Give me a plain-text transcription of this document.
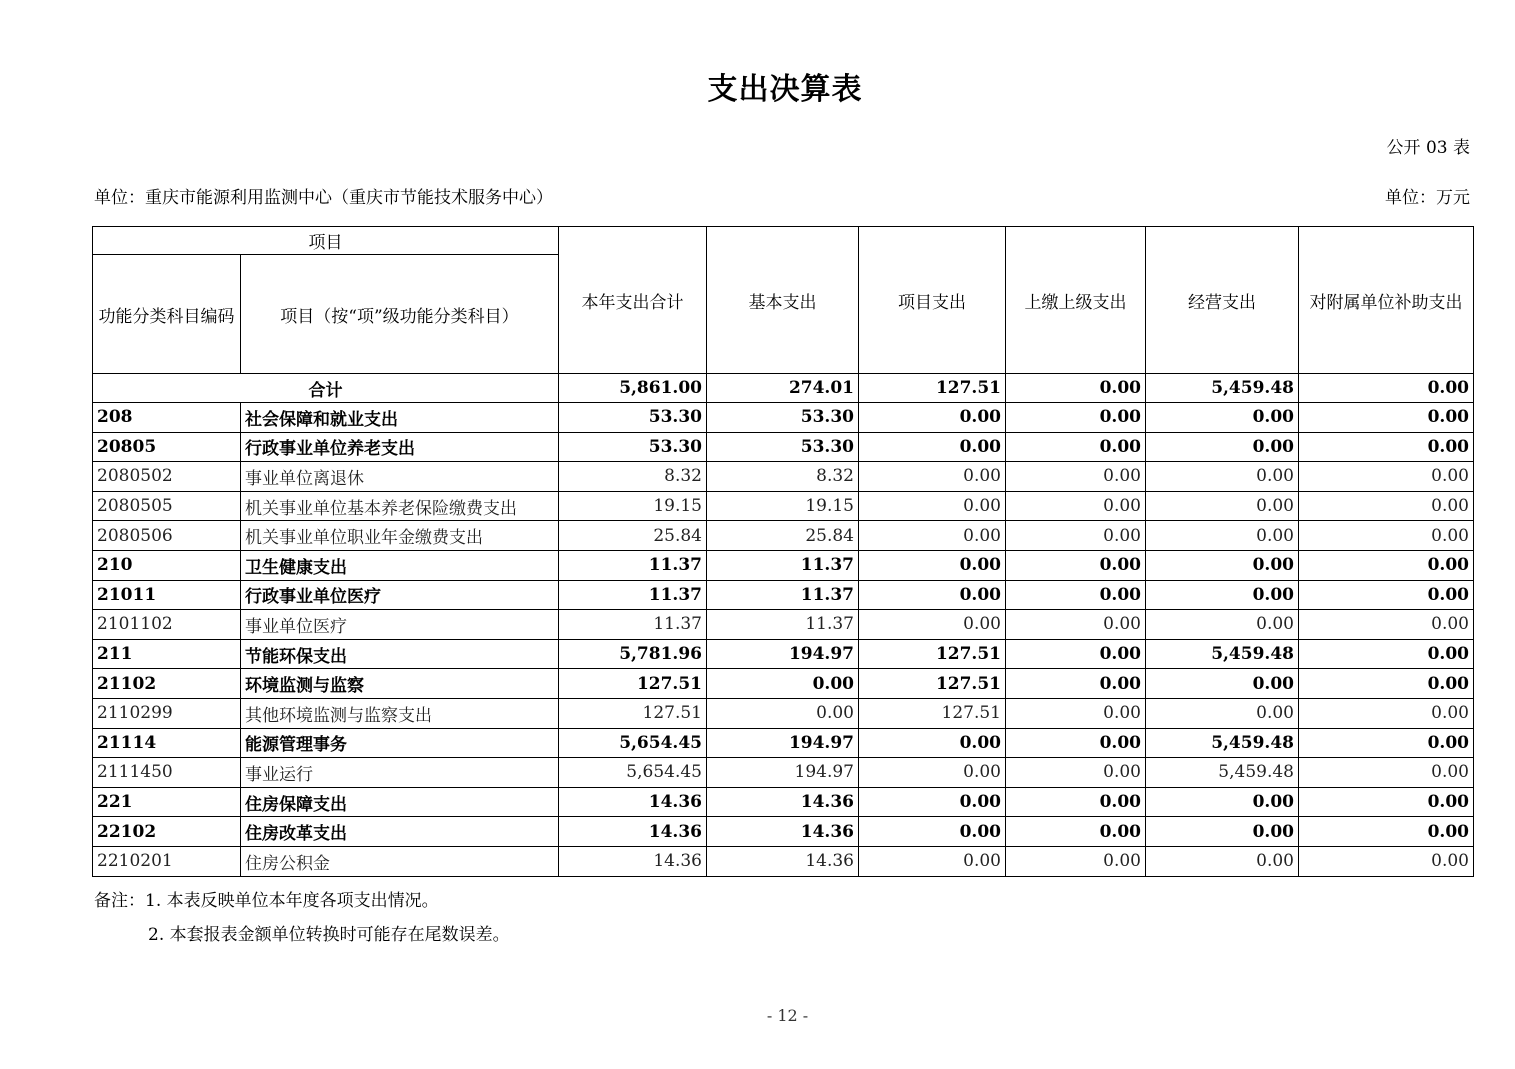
支出决算表
公开 03 表
单位：重庆市能源利用监测中心（重庆市节能技术服务中心）	单位：万元
项目		本年支出合计	基本支出	项目支出	上缴上级支出	经营支出	对附属单位补助支出
功能分类科目编码	项目（按“项”级功能分类科目）						
合计		5,861.00	274.01	127.51	0.00	5,459.48	0.00
208	社会保障和就业支出	53.30	53.30	0.00	0.00	0.00	0.00
20805	行政事业单位养老支出	53.30	53.30	0.00	0.00	0.00	0.00
2080502	事业单位离退休	8.32	8.32	0.00	0.00	0.00	0.00
2080505	机关事业单位基本养老保险缴费支出	19.15	19.15	0.00	0.00	0.00	0.00
2080506	机关事业单位职业年金缴费支出	25.84	25.84	0.00	0.00	0.00	0.00
210	卫生健康支出	11.37	11.37	0.00	0.00	0.00	0.00
21011	行政事业单位医疗	11.37	11.37	0.00	0.00	0.00	0.00
2101102	事业单位医疗	11.37	11.37	0.00	0.00	0.00	0.00
211	节能环保支出	5,781.96	194.97	127.51	0.00	5,459.48	0.00
21102	环境监测与监察	127.51	0.00	127.51	0.00	0.00	0.00
2110299	其他环境监测与监察支出	127.51	0.00	127.51	0.00	0.00	0.00
21114	能源管理事务	5,654.45	194.97	0.00	0.00	5,459.48	0.00
2111450	事业运行	5,654.45	194.97	0.00	0.00	5,459.48	0.00
221	住房保障支出	14.36	14.36	0.00	0.00	0.00	0.00
22102	住房改革支出	14.36	14.36	0.00	0.00	0.00	0.00
2210201	住房公积金	14.36	14.36	0.00	0.00	0.00	0.00
备注：1. 本表反映单位本年度各项支出情况。
2. 本套报表金额单位转换时可能存在尾数误差。
- 12 -
